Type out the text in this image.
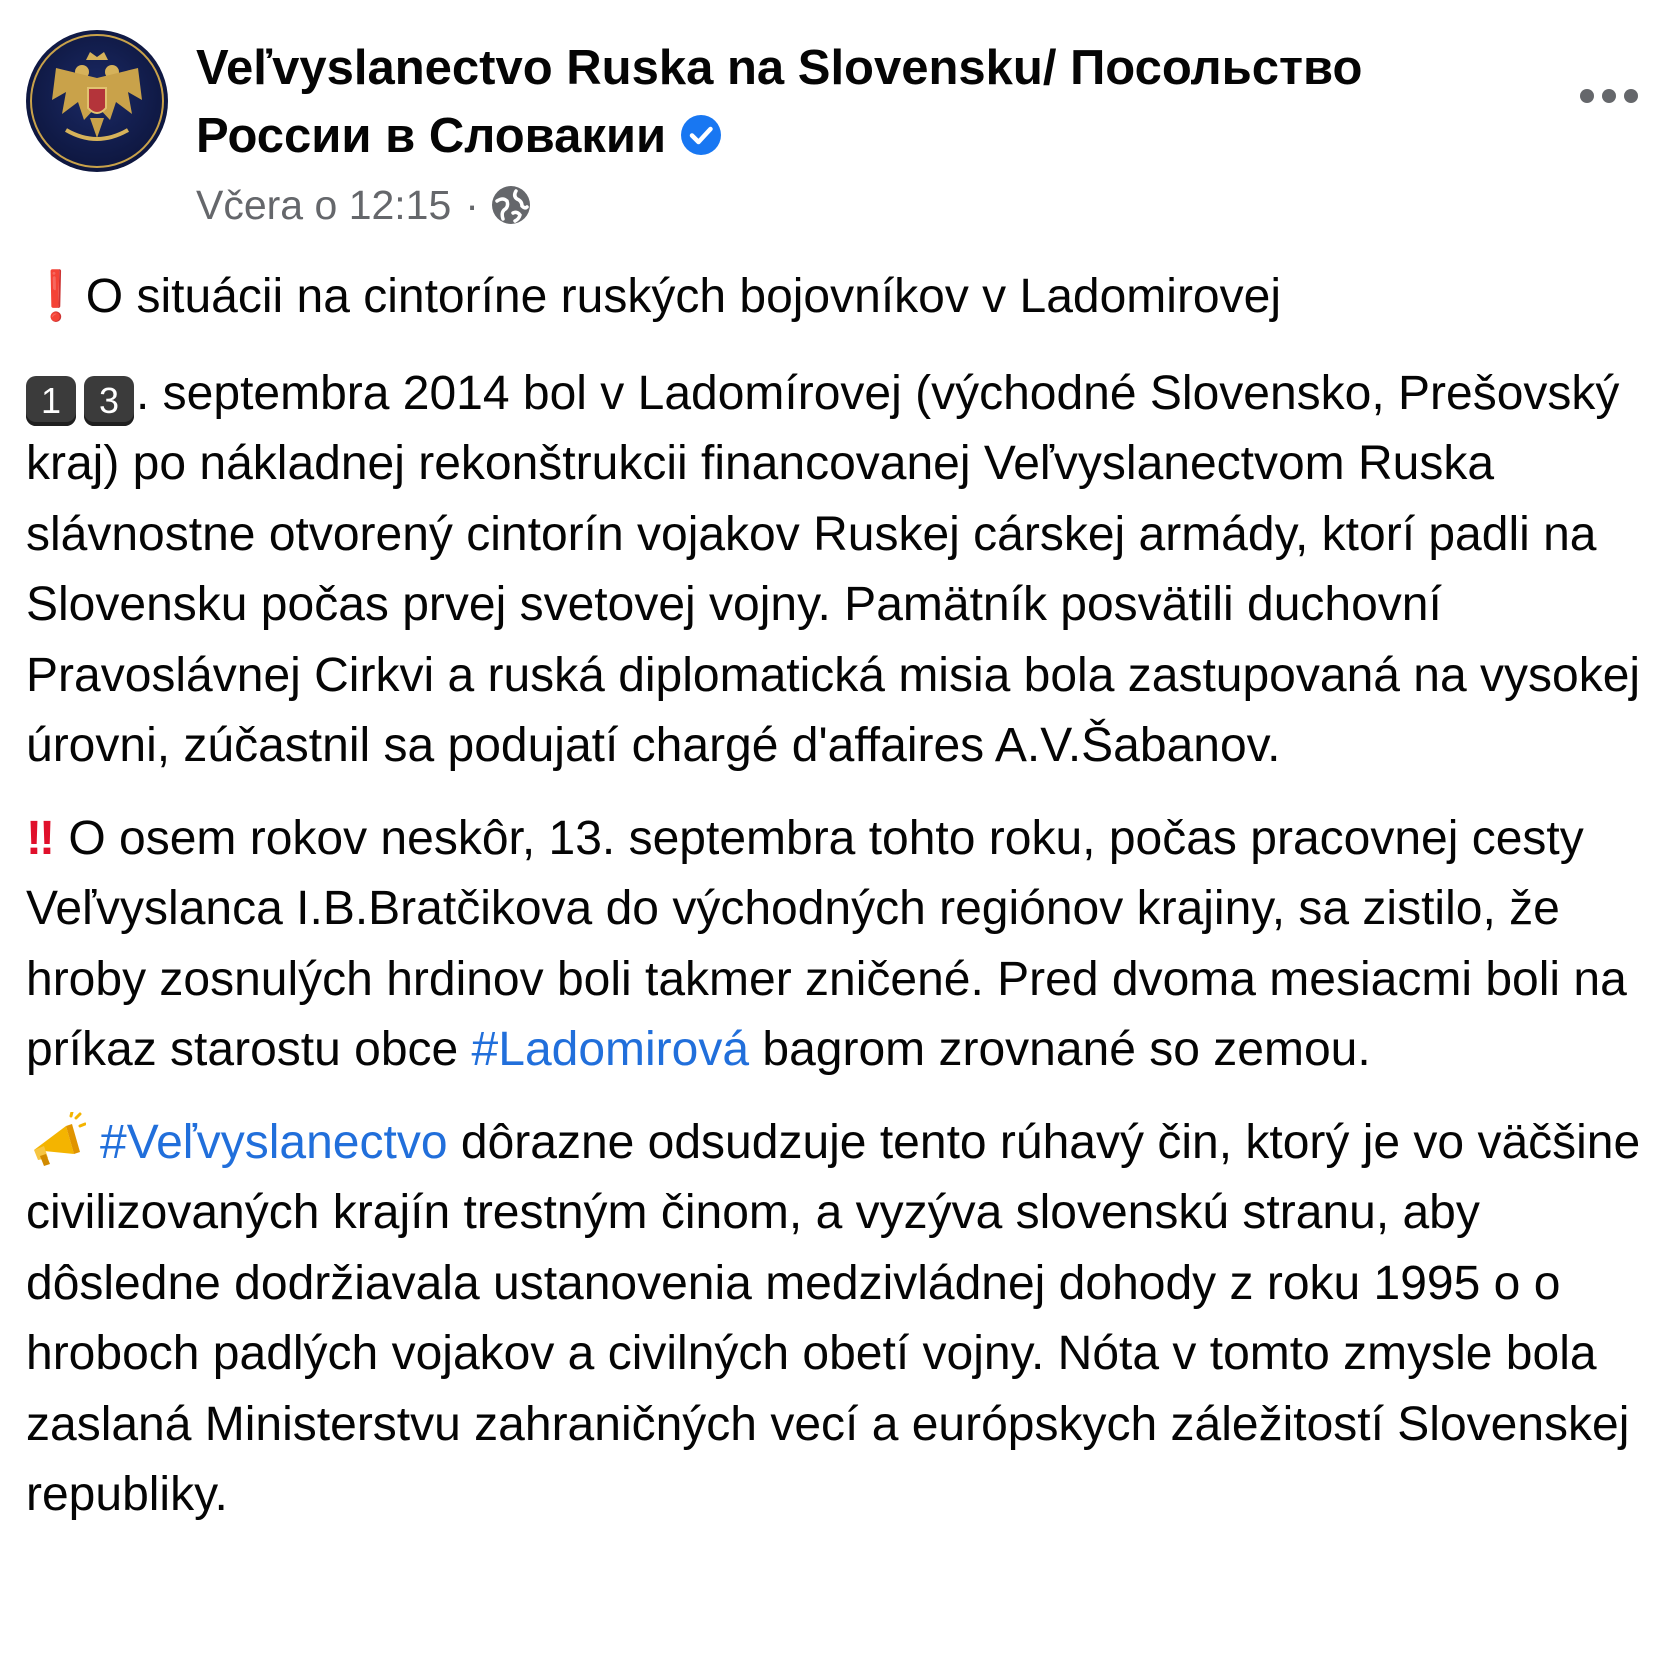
Veľvyslanectvo Ruska na Slovensku/ Посольство России в Словакии
Včera o 12:15 ·

❗O situácii na cintoríne ruských bojovníkov v Ladomirovej

1 3 . septembra 2014 bol v Ladomírovej (východné Slovensko, Prešovský kraj) po nákladnej rekonštrukcii financovanej Veľvyslanectvom Ruska slávnostne otvorený cintorín vojakov Ruskej cárskej armády, ktorí padli na Slovensku počas prvej svetovej vojny. Pamätník posvätili duchovní Pravoslávnej Cirkvi a ruská diplomatická misia bola zastupovaná na vysokej úrovni, zúčastnil sa podujatí chargé d'affaires A.V.Šabanov.

‼ O osem rokov neskôr, 13. septembra tohto roku, počas pracovnej cesty Veľvyslanca I.B.Bratčikova do východných regiónov krajiny, sa zistilo, že hroby zosnulých hrdinov boli takmer zničené. Pred dvoma mesiacmi boli na príkaz starostu obce #Ladomirová bagrom zrovnané so zemou.

#Veľvyslanectvo dôrazne odsudzuje tento rúhavý čin, ktorý je vo väčšine civilizovaných krajín trestným činom, a vyzýva slovenskú stranu, aby dôsledne dodržiavala ustanovenia medzivládnej dohody z roku 1995 o o hroboch padlých vojakov a civilných obetí vojny. Nóta v tomto zmysle bola zaslaná Ministerstvu zahraničných vecí a európskych záležitostí Slovenskej republiky.
